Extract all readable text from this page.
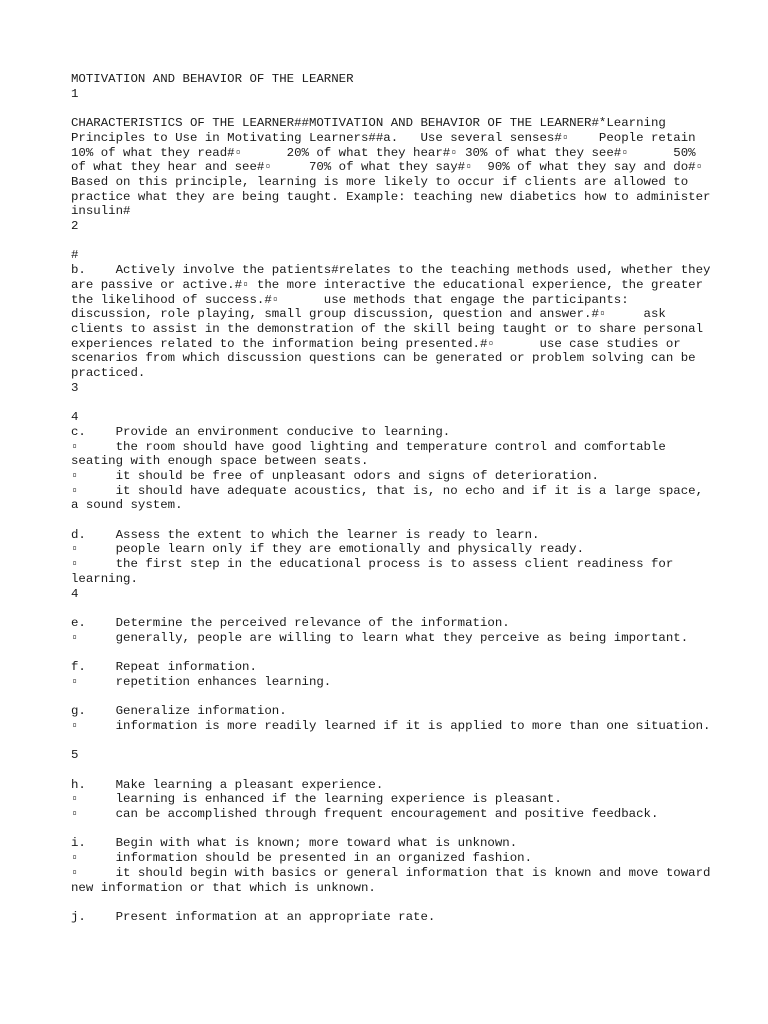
MOTIVATION AND BEHAVIOR OF THE LEARNER
1
CHARACTERISTICS OF THE LEARNER##MOTIVATION AND BEHAVIOR OF THE LEARNER#*Learning Principles to Use in Motivating Learners##a.   Use several senses#▫    People retain 10% of what they read#▫      20% of what they hear#▫ 30% of what they see#▫      50% of what they hear and see#▫     70% of what they say#▫  90% of what they say and do#▫      Based on this principle, learning is more likely to occur if clients are allowed to practice what they are being taught. Example: teaching new diabetics how to administer insulin#
2
#
b.    Actively involve the patients#relates to the teaching methods used, whether they are passive or active.#▫ the more interactive the educational experience, the greater the likelihood of success.#▫      use methods that engage the participants: discussion, role playing, small group discussion, question and answer.#▫     ask clients to assist in the demonstration of the skill being taught or to share personal experiences related to the information being presented.#▫      use case studies or scenarios from which discussion questions can be generated or problem solving can be practiced.
3
4
c.    Provide an environment conducive to learning.
▫     the room should have good lighting and temperature control and comfortable seating with enough space between seats.
▫     it should be free of unpleasant odors and signs of deterioration.
▫     it should have adequate acoustics, that is, no echo and if it is a large space, a sound system.
d.    Assess the extent to which the learner is ready to learn.
▫     people learn only if they are emotionally and physically ready.
▫     the first step in the educational process is to assess client readiness for learning.
4
e.    Determine the perceived relevance of the information.
▫     generally, people are willing to learn what they perceive as being important.
f.    Repeat information.
▫     repetition enhances learning.
g.    Generalize information.
▫     information is more readily learned if it is applied to more than one situation.
5
h.    Make learning a pleasant experience.
▫     learning is enhanced if the learning experience is pleasant.
▫     can be accomplished through frequent encouragement and positive feedback.
i.    Begin with what is known; more toward what is unknown.
▫     information should be presented in an organized fashion.
▫     it should begin with basics or general information that is known and move toward new information or that which is unknown.
j.    Present information at an appropriate rate.
